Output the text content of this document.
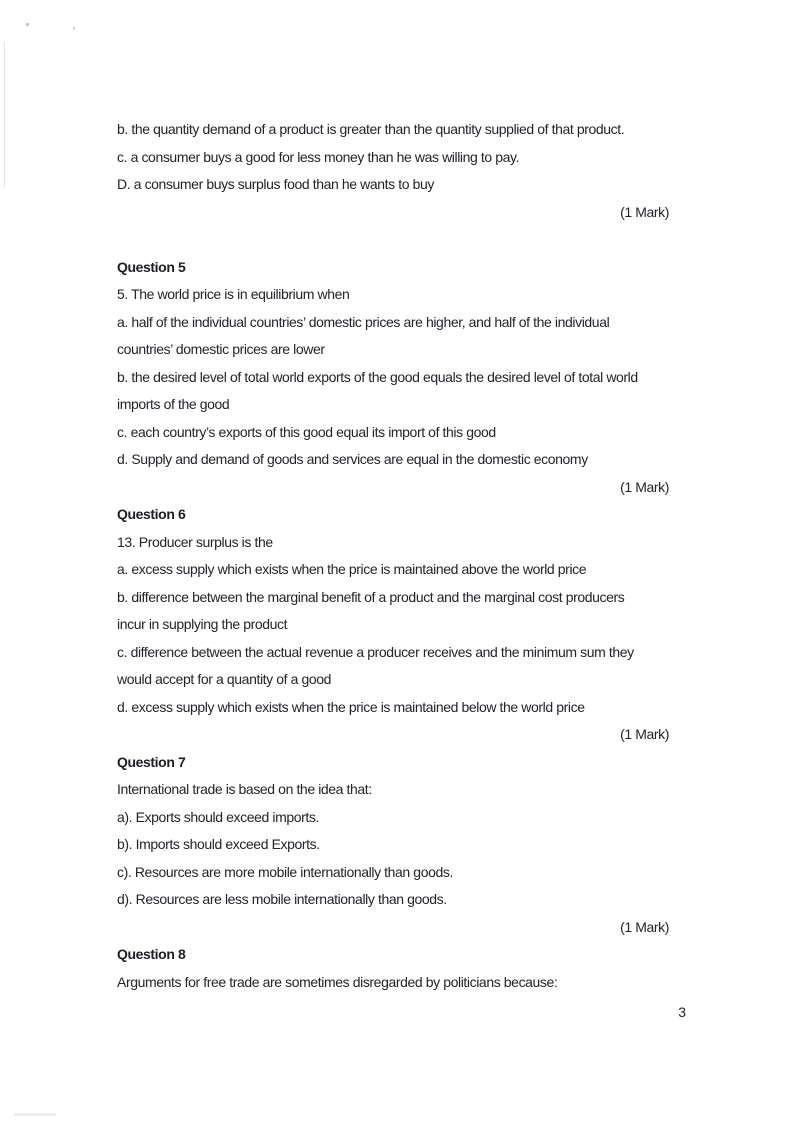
b. the quantity demand of a product is greater than the quantity supplied of that product.
c. a consumer buys a good for less money than he was willing to pay.
D. a consumer buys surplus food than he wants to buy
(1 Mark)
Question 5
5. The world price is in equilibrium when
a. half of the individual countries’ domestic prices are higher, and half of the individual
countries’ domestic prices are lower
b. the desired level of total world exports of the good equals the desired level of total world
imports of the good
c. each country’s exports of this good equal its import of this good
d. Supply and demand of goods and services are equal in the domestic economy
(1 Mark)
Question 6
13. Producer surplus is the
a. excess supply which exists when the price is maintained above the world price
b. difference between the marginal benefit of a product and the marginal cost producers
incur in supplying the product
c. difference between the actual revenue a producer receives and the minimum sum they
would accept for a quantity of a good
d. excess supply which exists when the price is maintained below the world price
(1 Mark)
Question 7
International trade is based on the idea that:
a). Exports should exceed imports.
b). Imports should exceed Exports.
c). Resources are more mobile internationally than goods.
d). Resources are less mobile internationally than goods.
(1 Mark)
Question 8
Arguments for free trade are sometimes disregarded by politicians because:
3
